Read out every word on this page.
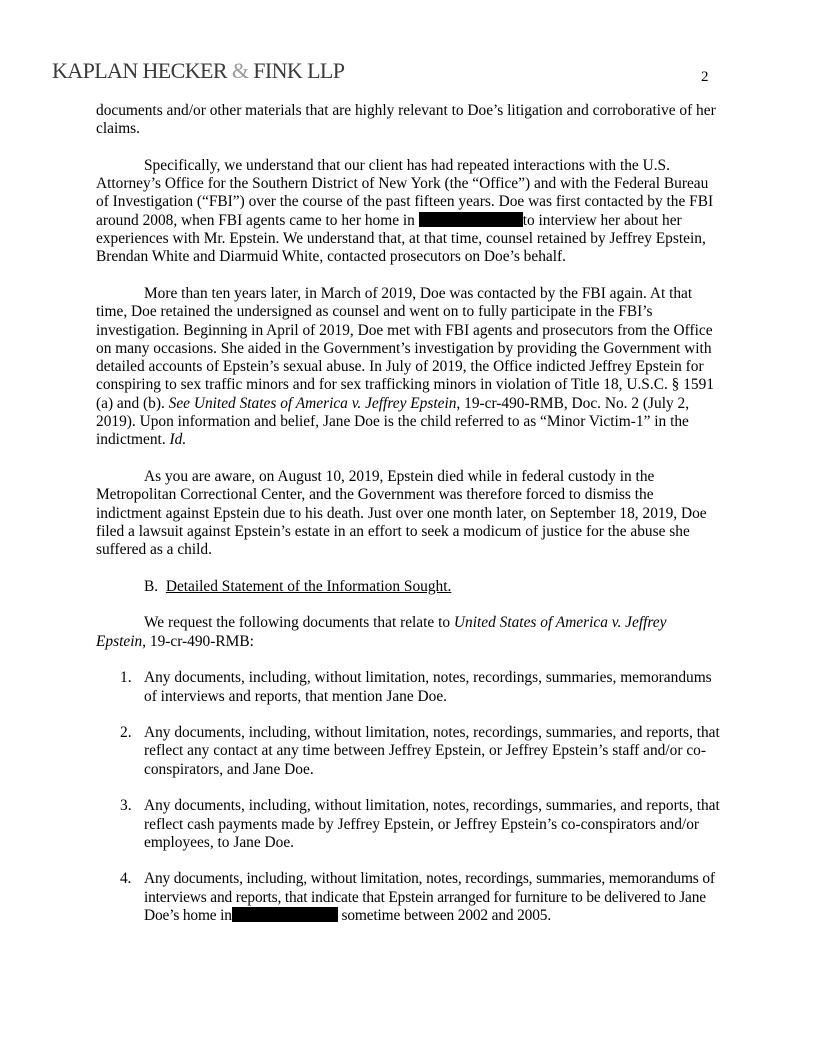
KAPLAN HECKER & FINK LLP	2

documents and/or other materials that are highly relevant to Doe’s litigation and corroborative of her claims.

Specifically, we understand that our client has had repeated interactions with the U.S. Attorney’s Office for the Southern District of New York (the “Office”) and with the Federal Bureau of Investigation (“FBI”) over the course of the past fifteen years. Doe was first contacted by the FBI around 2008, when FBI agents came to her home in	to interview her about her experiences with Mr. Epstein. We understand that, at that time, counsel retained by Jeffrey Epstein, Brendan White and Diarmuid White, contacted prosecutors on Doe’s behalf.

More than ten years later, in March of 2019, Doe was contacted by the FBI again. At that time, Doe retained the undersigned as counsel and went on to fully participate in the FBI’s investigation. Beginning in April of 2019, Doe met with FBI agents and prosecutors from the Office on many occasions. She aided in the Government’s investigation by providing the Government with detailed accounts of Epstein’s sexual abuse. In July of 2019, the Office indicted Jeffrey Epstein for conspiring to sex traffic minors and for sex trafficking minors in violation of Title 18, U.S.C. § 1591 (a) and (b). See United States of America v. Jeffrey Epstein, 19-cr-490-RMB, Doc. No. 2 (July 2, 2019). Upon information and belief, Jane Doe is the child referred to as “Minor Victim-1” in the indictment. Id.

As you are aware, on August 10, 2019, Epstein died while in federal custody in the Metropolitan Correctional Center, and the Government was therefore forced to dismiss the indictment against Epstein due to his death. Just over one month later, on September 18, 2019, Doe filed a lawsuit against Epstein’s estate in an effort to seek a modicum of justice for the abuse she suffered as a child.

B. Detailed Statement of the Information Sought.

We request the following documents that relate to United States of America v. Jeffrey Epstein, 19-cr-490-RMB:

1. Any documents, including, without limitation, notes, recordings, summaries, memorandums of interviews and reports, that mention Jane Doe.
2. Any documents, including, without limitation, notes, recordings, summaries, and reports, that reflect any contact at any time between Jeffrey Epstein, or Jeffrey Epstein’s staff and/or co-conspirators, and Jane Doe.
3. Any documents, including, without limitation, notes, recordings, summaries, and reports, that reflect cash payments made by Jeffrey Epstein, or Jeffrey Epstein’s co-conspirators and/or employees, to Jane Doe.
4. Any documents, including, without limitation, notes, recordings, summaries, memorandums of interviews and reports, that indicate that Epstein arranged for furniture to be delivered to Jane Doe’s home in	sometime between 2002 and 2005.
